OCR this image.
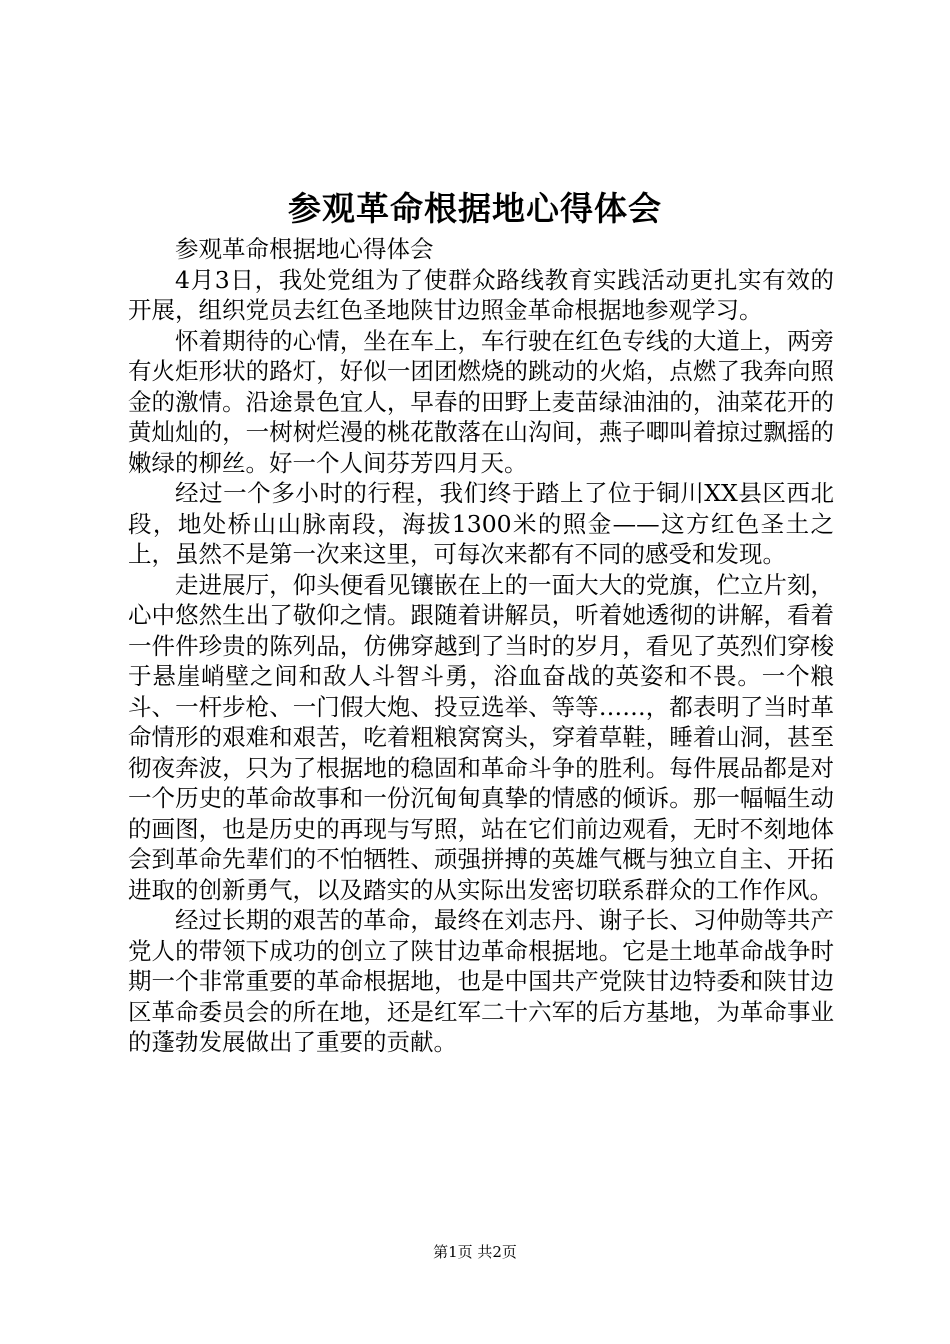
参观革命根据地心得体会

参观革命根据地心得体会

4月3日，我处党组为了使群众路线教育实践活动更扎实有效的开展，组织党员去红色圣地陕甘边照金革命根据地参观学习。

怀着期待的心情，坐在车上，车行驶在红色专线的大道上，两旁有火炬形状的路灯，好似一团团燃烧的跳动的火焰，点燃了我奔向照金的激情。沿途景色宜人，早春的田野上麦苗绿油油的，油菜花开的黄灿灿的，一树树烂漫的桃花散落在山沟间，燕子唧叫着掠过飘摇的嫩绿的柳丝。好一个人间芬芳四月天。

经过一个多小时的行程，我们终于踏上了位于铜川XX县区西北段，地处桥山山脉南段，海拔1300米的照金——这方红色圣土之上，虽然不是第一次来这里，可每次来都有不同的感受和发现。

走进展厅，仰头便看见镶嵌在上的一面大大的党旗，伫立片刻，心中悠然生出了敬仰之情。跟随着讲解员，听着她透彻的讲解，看着一件件珍贵的陈列品，仿佛穿越到了当时的岁月，看见了英烈们穿梭于悬崖峭壁之间和敌人斗智斗勇，浴血奋战的英姿和不畏。一个粮斗、一杆步枪、一门假大炮、投豆选举、等等……，都表明了当时革命情形的艰难和艰苦，吃着粗粮窝窝头，穿着草鞋，睡着山洞，甚至彻夜奔波，只为了根据地的稳固和革命斗争的胜利。每件展品都是对一个历史的革命故事和一份沉甸甸真挚的情感的倾诉。那一幅幅生动的画图，也是历史的再现与写照，站在它们前边观看，无时不刻地体会到革命先辈们的不怕牺牲、顽强拼搏的英雄气概与独立自主、开拓进取的创新勇气，以及踏实的从实际出发密切联系群众的工作作风。

经过长期的艰苦的革命，最终在刘志丹、谢子长、习仲勋等共产党人的带领下成功的创立了陕甘边革命根据地。它是土地革命战争时期一个非常重要的革命根据地，也是中国共产党陕甘边特委和陕甘边区革命委员会的所在地，还是红军二十六军的后方基地，为革命事业的蓬勃发展做出了重要的贡献。

第1页 共2页
